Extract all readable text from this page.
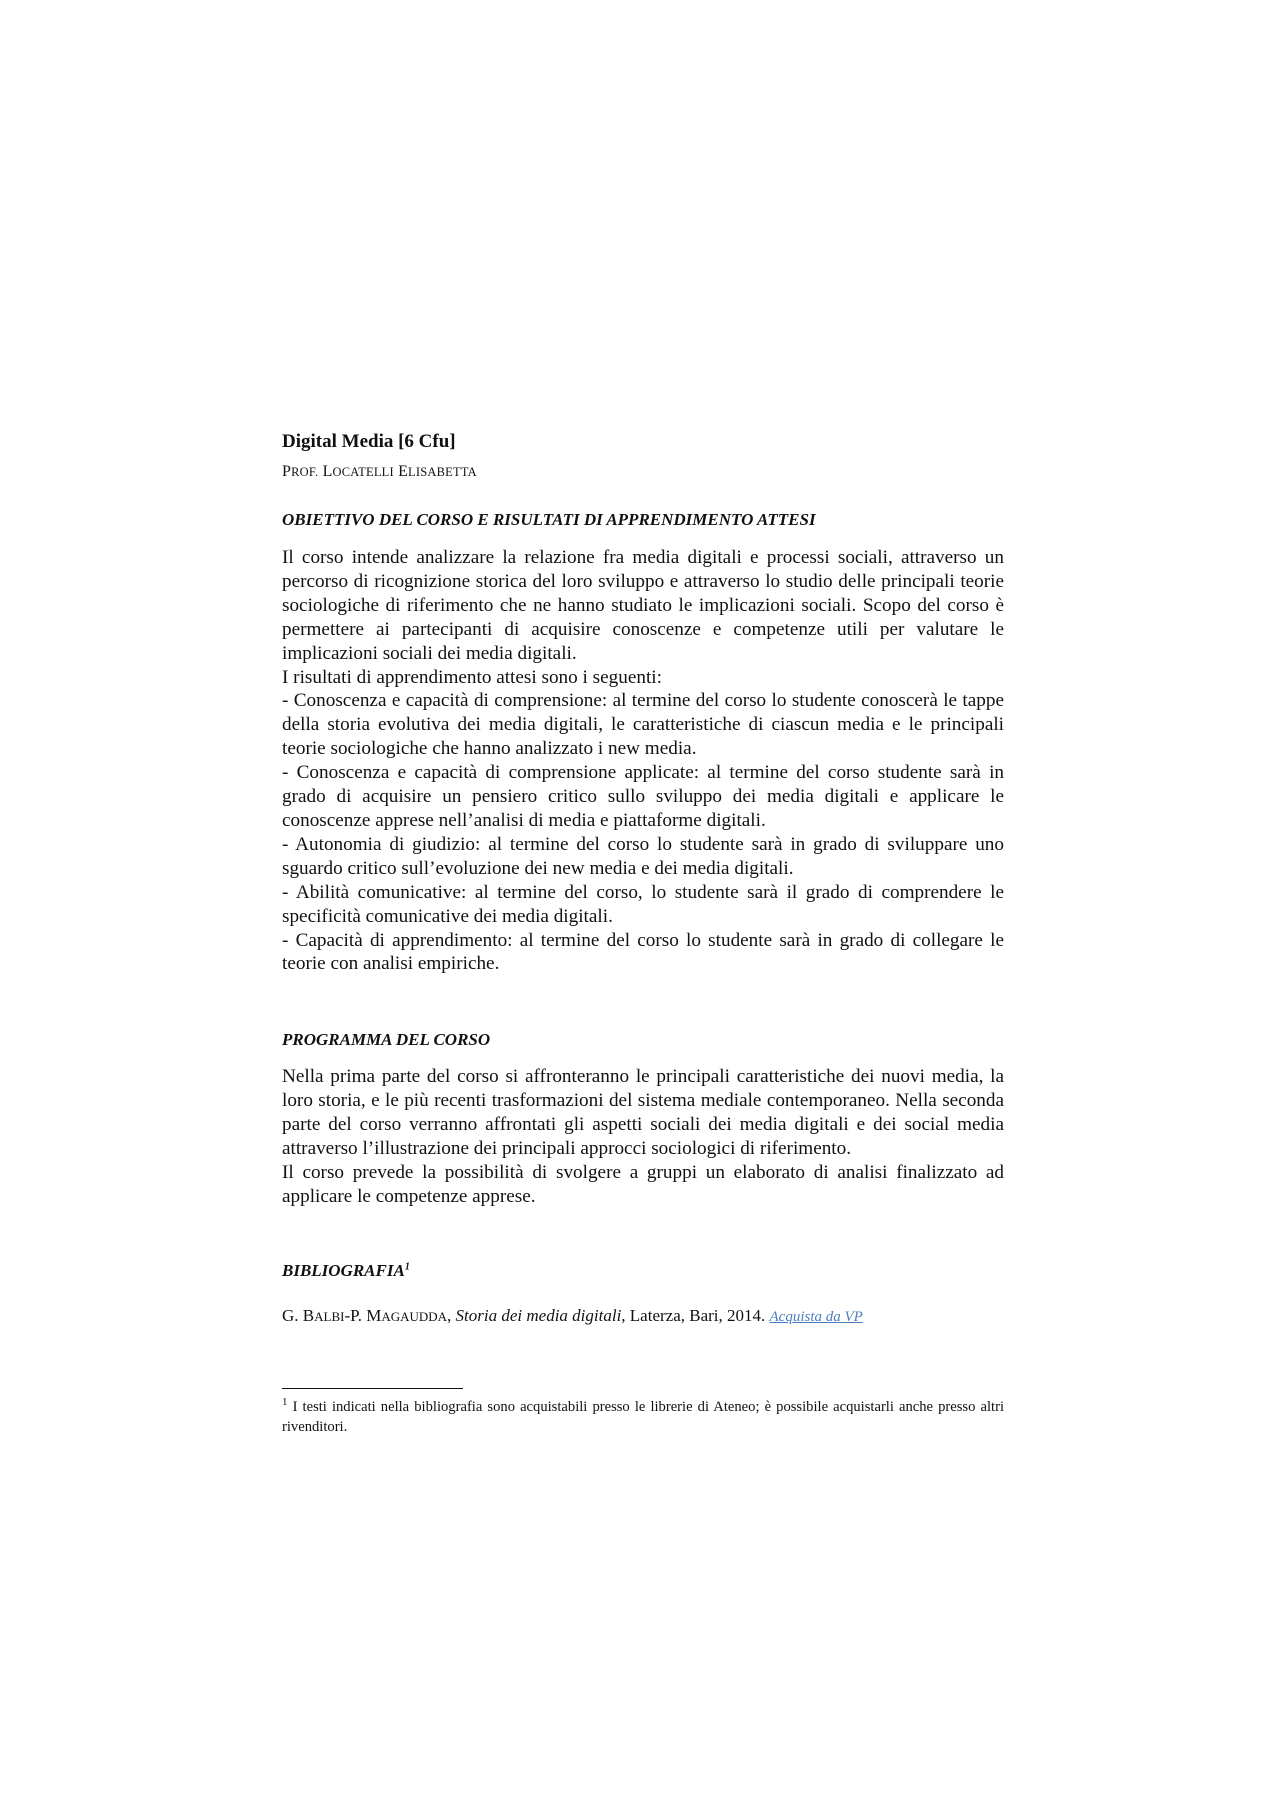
Digital Media [6 Cfu]
PROF. LOCATELLI ELISABETTA
OBIETTIVO DEL CORSO E RISULTATI DI APPRENDIMENTO ATTESI

Il corso intende analizzare la relazione fra media digitali e processi sociali, attraverso un percorso di ricognizione storica del loro sviluppo e attraverso lo studio delle principali teorie sociologiche di riferimento che ne hanno studiato le implicazioni sociali. Scopo del corso è permettere ai partecipanti di acquisire conoscenze e competenze utili per valutare le implicazioni sociali dei media digitali.

I risultati di apprendimento attesi sono i seguenti:

- Conoscenza e capacità di comprensione: al termine del corso lo studente conoscerà le tappe della storia evolutiva dei media digitali, le caratteristiche di ciascun media e le principali teorie sociologiche che hanno analizzato i new media.

- Conoscenza e capacità di comprensione applicate: al termine del corso studente sarà in grado di acquisire un pensiero critico sullo sviluppo dei media digitali e applicare le conoscenze apprese nell’analisi di media e piattaforme digitali.

- Autonomia di giudizio: al termine del corso lo studente sarà in grado di sviluppare uno sguardo critico sull’evoluzione dei new media e dei media digitali.

- Abilità comunicative: al termine del corso, lo studente sarà il grado di comprendere le specificità comunicative dei media digitali.

- Capacità di apprendimento: al termine del corso lo studente sarà in grado di collegare le teorie con analisi empiriche.

PROGRAMMA DEL CORSO

Nella prima parte del corso si affronteranno le principali caratteristiche dei nuovi media, la loro storia, e le più recenti trasformazioni del sistema mediale contemporaneo. Nella seconda parte del corso verranno affrontati gli aspetti sociali dei media digitali e dei social media attraverso l’illustrazione dei principali approcci sociologici di riferimento.

Il corso prevede la possibilità di svolgere a gruppi un elaborato di analisi finalizzato ad applicare le competenze apprese.

BIBLIOGRAFIA$^1$
G. BALBI-P. MAGAUDDA, Storia dei media digitali, Laterza, Bari, 2014. Acquista da VP
$^1$ I testi indicati nella bibliografia sono acquistabili presso le librerie di Ateneo; è possibile acquistarli anche presso altri rivenditori.
